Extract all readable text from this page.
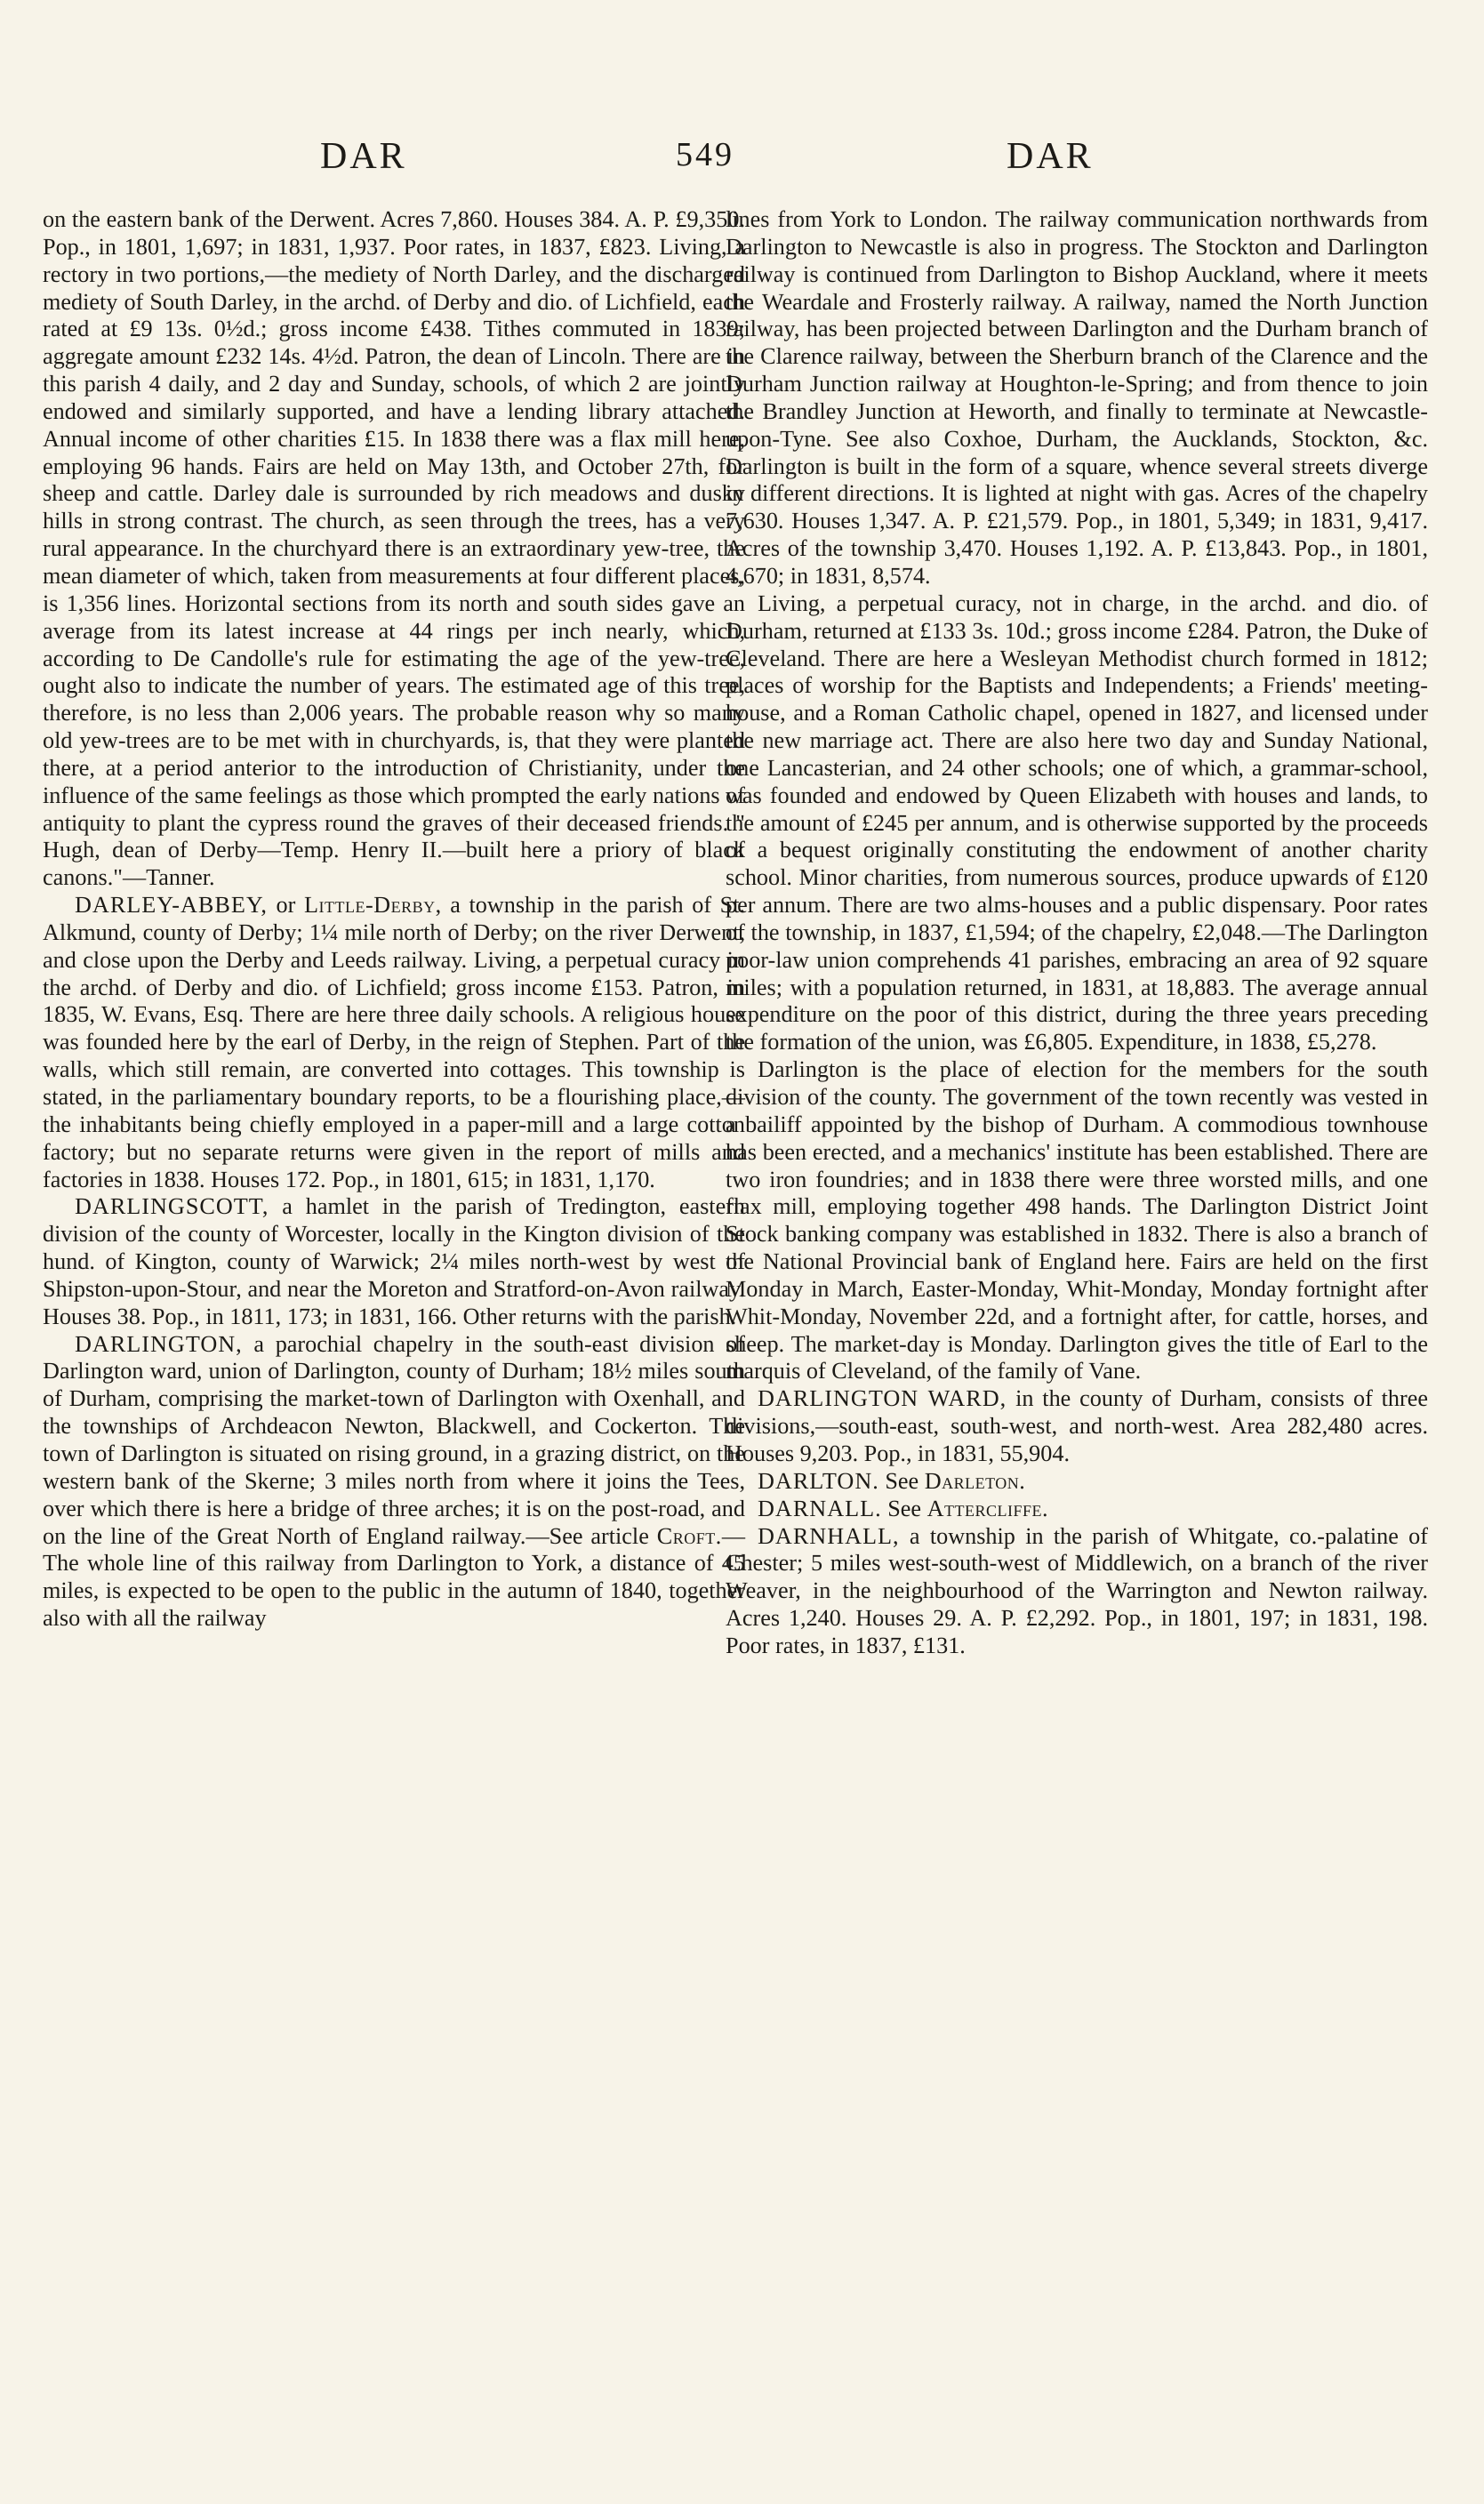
DAR	549	DAR

on the eastern bank of the Derwent. Acres 7,860. Houses 384. A. P. £9,350. Pop., in 1801, 1,697; in 1831, 1,937. Poor rates, in 1837, £823. Living, a rectory in two portions,—the mediety of North Darley, and the discharged mediety of South Darley, in the archd. of Derby and dio. of Lichfield, each rated at £9 13s. 0½d.; gross income £438. Tithes commuted in 1839; aggregate amount £232 14s. 4½d. Patron, the dean of Lincoln. There are in this parish 4 daily, and 2 day and Sunday, schools, of which 2 are jointly endowed and similarly supported, and have a lending library attached. Annual income of other charities £15. In 1838 there was a flax mill here, employing 96 hands. Fairs are held on May 13th, and October 27th, for sheep and cattle. Darley dale is surrounded by rich meadows and dusky hills in strong contrast. The church, as seen through the trees, has a very rural appearance. In the churchyard there is an extraordinary yew-tree, the mean diameter of which, taken from measurements at four different places, is 1,356 lines. Horizontal sections from its north and south sides gave an average from its latest increase at 44 rings per inch nearly, which, according to De Candolle's rule for estimating the age of the yew-tree, ought also to indicate the number of years. The estimated age of this tree, therefore, is no less than 2,006 years. The probable reason why so many old yew-trees are to be met with in churchyards, is, that they were planted there, at a period anterior to the introduction of Christianity, under the influence of the same feelings as those which prompted the early nations of antiquity to plant the cypress round the graves of their deceased friends. " Hugh, dean of Derby—Temp. Henry II.—built here a priory of black canons."—Tanner.

DARLEY-ABBEY, or Little-Derby, a township in the parish of St. Alkmund, county of Derby; 1¼ mile north of Derby; on the river Derwent, and close upon the Derby and Leeds railway. Living, a perpetual curacy in the archd. of Derby and dio. of Lichfield; gross income £153. Patron, in 1835, W. Evans, Esq. There are here three daily schools. A religious house was founded here by the earl of Derby, in the reign of Stephen. Part of the walls, which still remain, are converted into cottages. This township is stated, in the parliamentary boundary reports, to be a flourishing place,—the inhabitants being chiefly employed in a paper-mill and a large cotton factory; but no separate returns were given in the report of mills and factories in 1838. Houses 172. Pop., in 1801, 615; in 1831, 1,170.

DARLINGSCOTT, a hamlet in the parish of Tredington, eastern division of the county of Worcester, locally in the Kington division of the hund. of Kington, county of Warwick; 2¼ miles north-west by west of Shipston-upon-Stour, and near the Moreton and Stratford-on-Avon railway. Houses 38. Pop., in 1811, 173; in 1831, 166. Other returns with the parish.

DARLINGTON, a parochial chapelry in the south-east division of Darlington ward, union of Darlington, county of Durham; 18½ miles south of Durham, comprising the market-town of Darlington with Oxenhall, and the townships of Archdeacon Newton, Blackwell, and Cockerton. The town of Darlington is situated on rising ground, in a grazing district, on the western bank of the Skerne; 3 miles north from where it joins the Tees, over which there is here a bridge of three arches; it is on the post-road, and on the line of the Great North of England railway.—See article Croft.—The whole line of this railway from Darlington to York, a distance of 45 miles, is expected to be open to the public in the autumn of 1840, together also with all the railway

lines from York to London. The railway communication northwards from Darlington to Newcastle is also in progress. The Stockton and Darlington railway is continued from Darlington to Bishop Auckland, where it meets the Weardale and Frosterly railway. A railway, named the North Junction railway, has been projected between Darlington and the Durham branch of the Clarence railway, between the Sherburn branch of the Clarence and the Durham Junction railway at Houghton-le-Spring; and from thence to join the Brandley Junction at Heworth, and finally to terminate at Newcastle-upon-Tyne. See also Coxhoe, Durham, the Aucklands, Stockton, &c. Darlington is built in the form of a square, whence several streets diverge in different directions. It is lighted at night with gas. Acres of the chapelry 7,630. Houses 1,347. A. P. £21,579. Pop., in 1801, 5,349; in 1831, 9,417. Acres of the township 3,470. Houses 1,192. A. P. £13,843. Pop., in 1801, 4,670; in 1831, 8,574.

Living, a perpetual curacy, not in charge, in the archd. and dio. of Durham, returned at £133 3s. 10d.; gross income £284. Patron, the Duke of Cleveland. There are here a Wesleyan Methodist church formed in 1812; places of worship for the Baptists and Independents; a Friends' meeting-house, and a Roman Catholic chapel, opened in 1827, and licensed under the new marriage act. There are also here two day and Sunday National, one Lancasterian, and 24 other schools; one of which, a grammar-school, was founded and endowed by Queen Elizabeth with houses and lands, to the amount of £245 per annum, and is otherwise supported by the proceeds of a bequest originally constituting the endowment of another charity school. Minor charities, from numerous sources, produce upwards of £120 per annum. There are two alms-houses and a public dispensary. Poor rates of the township, in 1837, £1,594; of the chapelry, £2,048.—The Darlington poor-law union comprehends 41 parishes, embracing an area of 92 square miles; with a population returned, in 1831, at 18,883. The average annual expenditure on the poor of this district, during the three years preceding the formation of the union, was £6,805. Expenditure, in 1838, £5,278.

Darlington is the place of election for the members for the south division of the county. The government of the town recently was vested in a bailiff appointed by the bishop of Durham. A commodious townhouse has been erected, and a mechanics' institute has been established. There are two iron foundries; and in 1838 there were three worsted mills, and one flax mill, employing together 498 hands. The Darlington District Joint Stock banking company was established in 1832. There is also a branch of the National Provincial bank of England here. Fairs are held on the first Monday in March, Easter-Monday, Whit-Monday, Monday fortnight after Whit-Monday, November 22d, and a fortnight after, for cattle, horses, and sheep. The market-day is Monday. Darlington gives the title of Earl to the marquis of Cleveland, of the family of Vane.

DARLINGTON WARD, in the county of Durham, consists of three divisions,—south-east, south-west, and north-west. Area 282,480 acres. Houses 9,203. Pop., in 1831, 55,904.

DARLTON. See Darleton.

DARNALL. See Attercliffe.

DARNHALL, a township in the parish of Whitgate, co.-palatine of Chester; 5 miles west-south-west of Middlewich, on a branch of the river Weaver, in the neighbourhood of the Warrington and Newton railway. Acres 1,240. Houses 29. A. P. £2,292. Pop., in 1801, 197; in 1831, 198. Poor rates, in 1837, £131.
